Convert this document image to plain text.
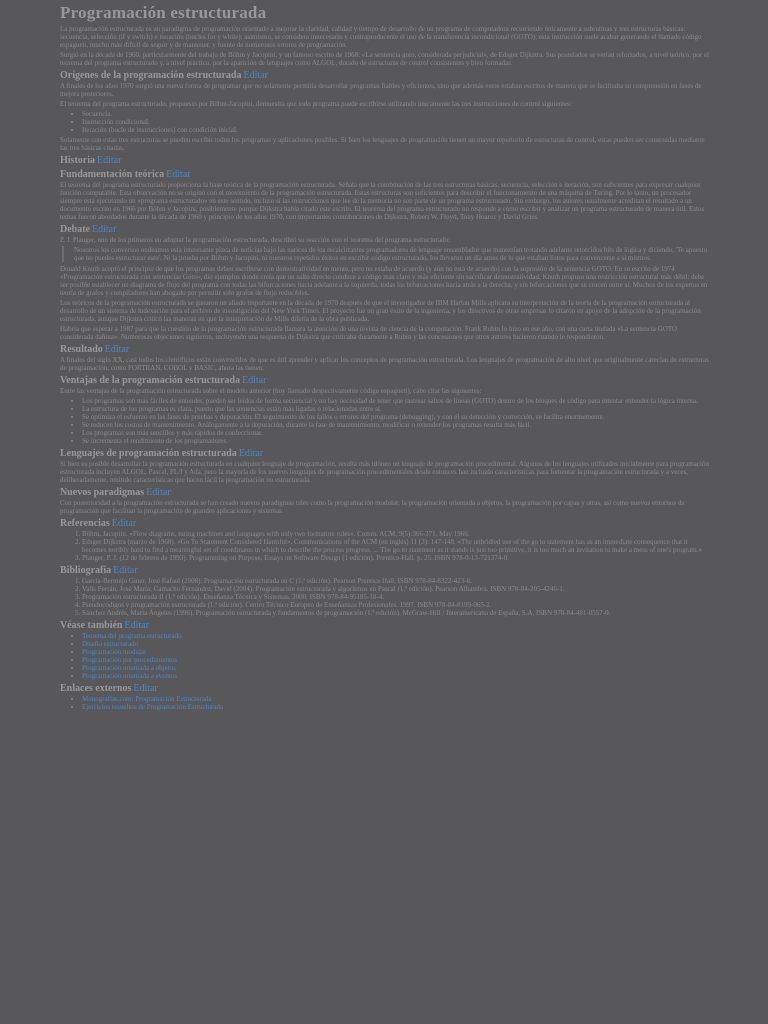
Programación estructurada

La programación estructurada es un paradigma de programación orientado a mejorar la claridad, calidad y tiempo de desarrollo de un programa de computadora recurriendo únicamente a subrutinas y tres estructuras básicas: secuencia, selección (if y switch) e iteración (bucles for y while); asimismo, se considera innecesario y contraproducente el uso de la transferencia incondicional (GOTO); esta instrucción suele acabar generando el llamado código espagueti, mucho más difícil de seguir y de mantener, y fuente de numerosos errores de programación.

Surgió en la década de 1960, particularmente del trabajo de Böhm y Jacopini, y un famoso escrito de 1968: «La sentencia goto, considerada perjudicial», de Edsger Dijkstra. Sus postulados se verían reforzados, a nivel teórico, por el teorema del programa estructurado y, a nivel práctico, por la aparición de lenguajes como ALGOL, dotado de estructuras de control consistentes y bien formadas.

Orígenes de la programación estructurada Editar

A finales de los años 1970 surgió una nueva forma de programar que no solamente permitía desarrollar programas fiables y eficientes, sino que además estos estaban escritos de manera que se facilitaba su comprensión en fases de mejora posteriores.

El teorema del programa estructurado, propuesto por Böhm-Jacopini, demuestra que todo programa puede escribirse utilizando únicamente las tres instrucciones de control siguientes:

• Secuencia.
• Instrucción condicional.
• Iteración (bucle de instrucciones) con condición inicial.

Solamente con estas tres estructuras se pueden escribir todos los programas y aplicaciones posibles. Si bien los lenguajes de programación tienen un mayor repertorio de estructuras de control, estas pueden ser construidas mediante las tres básicas citadas.

Historia Editar
Fundamentación teórica Editar

El teorema del programa estructurado proporciona la base teórica de la programación estructurada. Señala que la combinación de las tres estructuras básicas, secuencia, selección e iteración, son suficientes para expresar cualquier función computable. Esta observación no se originó con el movimiento de la programación estructurada. Estas estructuras son suficientes para describir el funcionamiento de una máquina de Turing. Por lo tanto, un procesador siempre está ejecutando un «programa estructurado» en este sentido, incluso si las instrucciones que lee de la memoria no son parte de un programa estructurado. Sin embargo, los autores usualmente acreditan el resultado a un documento escrito en 1966 por Böhm y Jacopini, posiblemente porque Dijkstra había citado este escrito. El teorema del programa estructurado no responde a cómo escribir y analizar un programa estructurado de manera útil. Estos temas fueron abordados durante la década de 1960 y principio de los años 1970, con importantes contribuciones de Dijkstra, Robert W. Floyd, Tony Hoarez y David Gries.

Debate Editar

P. J. Plauger, uno de los primeros en adoptar la programación estructurada, describió su reacción con el teorema del programa estructurado:

Nosotros los conversos ondeamos esta interesante pizca de noticias bajo las narices de los recalcitrantes programadores de lenguaje ensamblador que mantenían trotando adelante retorcidos bits de lógica y diciendo, 'Te apuesto que no puedes estructurar esto'. Ni la prueba por Böhm y Jacopini, ni nuestros repetidos éxitos en escribir código estructurado, los llevaron un día antes de lo que estaban listos para convencerse a sí mismos.

Donald Knuth aceptó el principio de que los programas deben escribirse con demostratividad en mente, pero no estaba de acuerdo (y aún no está de acuerdo) con la supresión de la sentencia GOTO. En su escrito de 1974 «Programación estructurada con sentencias Goto», dio ejemplos donde creía que un salto directo conduce a código más claro y más eficiente sin sacrificar demostratividad. Knuth propuso una restricción estructural más débil: debe ser posible establecer un diagrama de flujo del programa con todas las bifurcaciones hacia adelante a la izquierda, todas las bifurcaciones hacia atrás a la derecha, y sin bifurcaciones que se crucen entre sí. Muchos de los expertos en teoría de grafos y compiladores han abogado por permitir solo grafos de flujo reducibles.

Los teóricos de la programación estructurada se ganaron un aliado importante en la década de 1970 después de que el investigador de IBM Harlan Mills aplicara su interpretación de la teoría de la programación estructurada al desarrollo de un sistema de indexación para el archivo de investigación del New York Times. El proyecto fue un gran éxito de la ingeniería, y los directivos de otras empresas lo citaron en apoyo de la adopción de la programación estructurada, aunque Dijkstra criticó las maneras en que la interpretación de Mills difería de la obra publicada.

Habría que esperar a 1987 para que la cuestión de la programación estructurada llamara la atención de una revista de ciencia de la computación. Frank Rubin lo hizo en ese año, con una carta titulada «La sentencia GOTO considerada dañina». Numerosas objeciones siguieron, incluyendo una respuesta de Dijkstra que criticaba duramente a Rubin y las concesiones que otros autores hicieron cuando le respondieron.

Resultado Editar

A finales del siglo XX, casi todos los científicos están convencidos de que es útil aprender y aplicar los conceptos de programación estructurada. Los lenguajes de programación de alto nivel que originalmente carecían de estructuras de programación, como FORTRAN, COBOL y BASIC, ahora las tienen.

Ventajas de la programación estructurada Editar

Entre las ventajas de la programación estructurada sobre el modelo anterior (hoy llamado despectivamente código espagueti), cabe citar las siguientes:

• Los programas son más fáciles de entender, pueden ser leídos de forma secuencial y no hay necesidad de tener que rastrear saltos de líneas (GOTO) dentro de los bloques de código para intentar entender la lógica interna.
• La estructura de los programas es clara, puesto que las sentencias están más ligadas o relacionadas entre sí.
• Se optimiza el esfuerzo en las fases de pruebas y depuración. El seguimiento de los fallos o errores del programa (debugging), y con él su detección y corrección, se facilita enormemente.
• Se reducen los costos de mantenimiento. Análogamente a la depuración, durante la fase de mantenimiento, modificar o extender los programas resulta más fácil.
• Los programas son más sencillos y más rápidos de confeccionar.
• Se incrementa el rendimiento de los programadores.
Lenguajes de programación estructurada Editar

Si bien es posible desarrollar la programación estructurada en cualquier lenguaje de programación, resulta más idóneo un lenguaje de programación procedimental. Algunos de los lenguajes utilizados inicialmente para programación estructurada incluyen ALGOL, Pascal, PL/I y Ada, pero la mayoría de los nuevos lenguajes de programación procedimentales desde entonces han incluido características para fomentar la programación estructurada y a veces, deliberadamente, omitido características que hacen fácil la programación no estructurada.

Nuevos paradigmas Editar

Con posterioridad a la programación estructurada se han creado nuevos paradigmas tales como la programación modular, la programación orientada a objetos, la programación por capas y otras, así como nuevos entornos de programación que facilitan la programación de grandes aplicaciones y sistemas.

Referencias Editar
1. Böhm, Jacopini. «Flow diagrams, turing machines and languages with only two formation rules». Comm. ACM, 9(5):366-371, May 1966.
2. Edsger Dijkstra (marzo de 1968). «Go To Statement Considered Harmful». Communications of the ACM (en inglés) 11 (3): 147-148. «The unbridled use of the go to statement has as an immediate consequence that it becomes terribly hard to find a meaningful set of coordinates in which to describe the process progress. ... The go to statement as it stands is just too primitive, it is too much an invitation to make a mess of one's program.»
3. Plauger, P. J. (12 de febrero de 1993). Programming on Purpose, Essays on Software Design (1 edición). Prentice-Hall. p. 25. ISBN 978-0-13-721374-0.
Bibliografía Editar
1. García-Bermejo Giner, José Rafael (2008). Programación estructurada en C (1.ª edición). Pearson Prentice Hall. ISBN 978-84-8322-423-6.
2. Valls Ferrán, José María; Camacho Fernández, David (2004). Programación estructurada y algoritmos en Pascal (1.ª edición). Pearson Alhambra. ISBN 978-84-205-4246-1.
3. Programación estructurada II (1.ª edición). Enseñanza Técnica y Sistemas. 2000. ISBN 978-84-95185-18-4.
4. Pseudocódigos y programación estructurada (1.ª edición). Centro Técnico Europeo de Enseñanzas Profesionales. 1997. ISBN 978-84-8199-065-2.
5. Sánchez Andrés, María Ángeles (1996). Programación estructurada y fundamentos de programación (1.ª edición). McGraw-Hill / Interamericana de España, S.A. ISBN 978-84-481-0557-0.
Véase también Editar
• Teorema del programa estructurado
• Diseño estructurado
• Programación modular
• Programación por procedimientos
• Programación orientada a objetos
• Programación orientada a eventos
Enlaces externos Editar
• Monografías.com: Programación Estructurada
• Ejercicios resueltos de Programación Estructurada
